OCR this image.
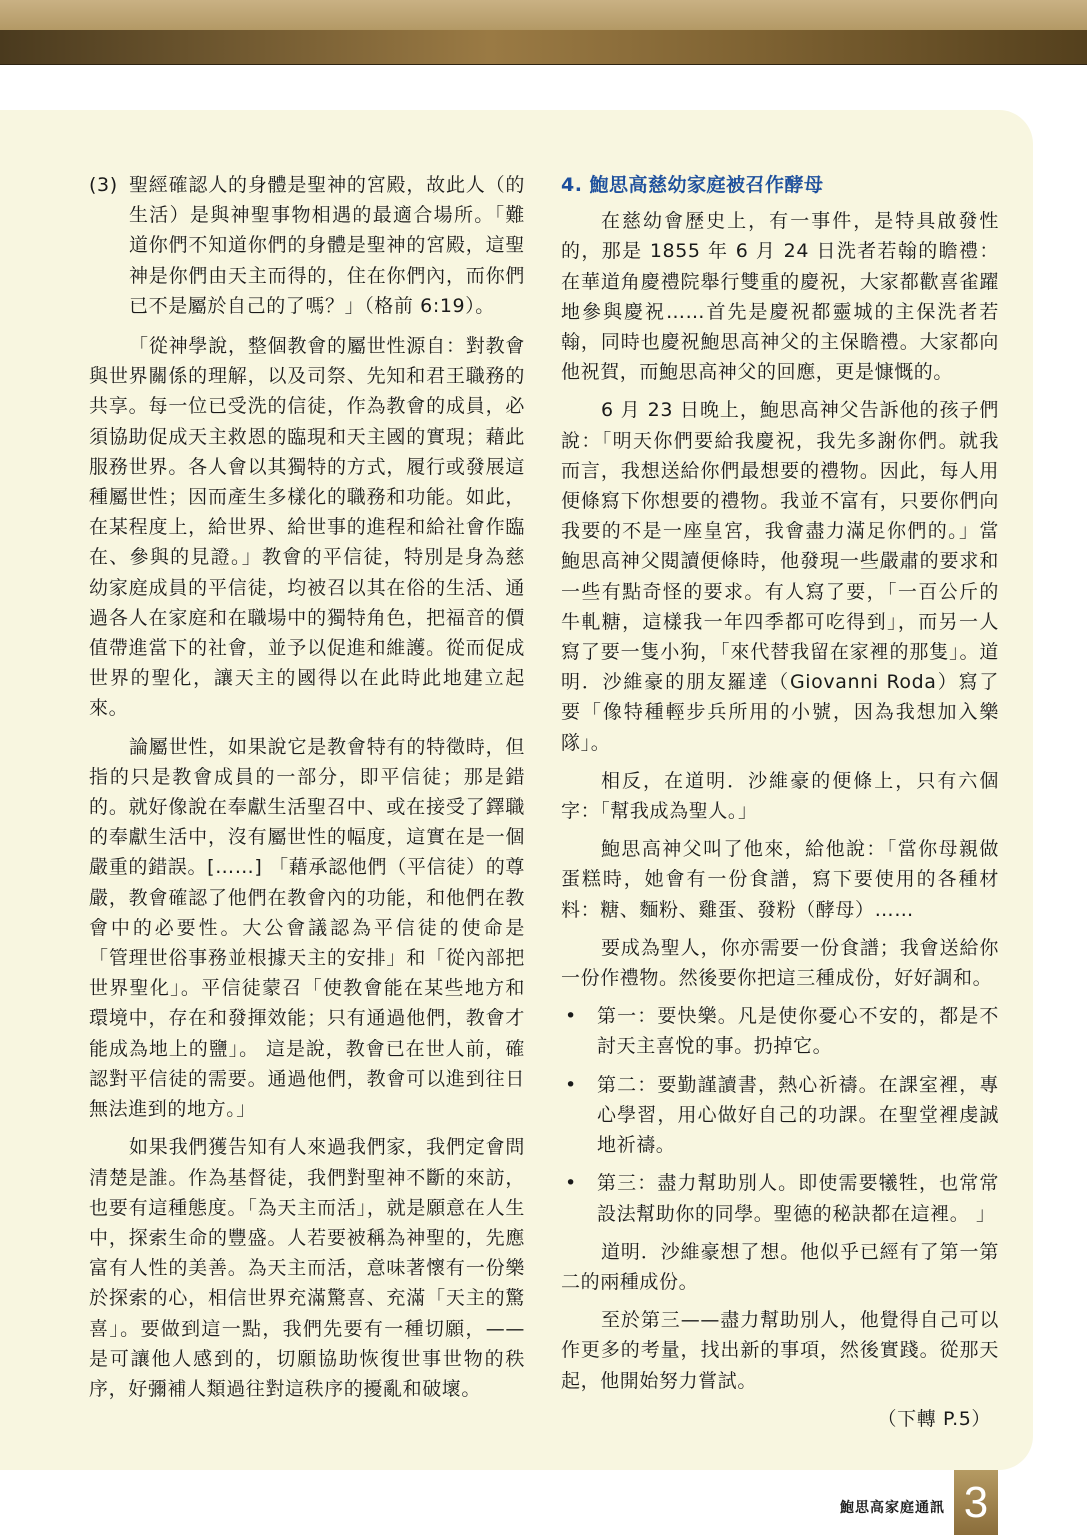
(3) 聖經確認人的身體是聖神的宮殿，故此人（的生活）是與神聖事物相遇的最適合場所。「難道你們不知道你們的身體是聖神的宮殿，這聖神是你們由天主而得的，住在你們內，而你們已不是屬於自己的了嗎？」（格前 6:19）。

「從神學說，整個教會的屬世性源自：對教會與世界關係的理解，以及司祭、先知和君王職務的共享。每一位已受洗的信徒，作為教會的成員，必須協助促成天主救恩的臨現和天主國的實現；藉此服務世界。各人會以其獨特的方式，履行或發展這種屬世性；因而產生多樣化的職務和功能。如此，在某程度上，給世界、給世事的進程和給社會作臨在、參與的見證。」教會的平信徒，特別是身為慈幼家庭成員的平信徒，均被召以其在俗的生活、通過各人在家庭和在職場中的獨特角色，把福音的價值帶進當下的社會，並予以促進和維護。從而促成世界的聖化，讓天主的國得以在此時此地建立起來。

論屬世性，如果說它是教會特有的特徵時，但指的只是教會成員的一部分，即平信徒；那是錯的。就好像說在奉獻生活聖召中、或在接受了鐸職的奉獻生活中，沒有屬世性的幅度，這實在是一個嚴重的錯誤。[……] 「藉承認他們（平信徒）的尊嚴，教會確認了他們在教會內的功能，和他們在教會中的必要性。大公會議認為平信徒的使命是 「管理世俗事務並根據天主的安排」和「從內部把世界聖化」。平信徒蒙召「使教會能在某些地方和環境中，存在和發揮效能；只有通過他們，教會才能成為地上的鹽」。 這是說，教會已在世人前，確認對平信徒的需要。通過他們，教會可以進到往日無法進到的地方。」

如果我們獲告知有人來過我們家，我們定會問清楚是誰。作為基督徒，我們對聖神不斷的來訪，也要有這種態度。「為天主而活」，就是願意在人生中，探索生命的豐盛。人若要被稱為神聖的，先應富有人性的美善。為天主而活，意味著懷有一份樂於探索的心，相信世界充滿驚喜、充滿「天主的驚喜」。要做到這一點，我們先要有一種切願，——是可讓他人感到的，切願協助恢復世事世物的秩序，好彌補人類過往對這秩序的擾亂和破壞。

4. 鮑思高慈幼家庭被召作酵母

在慈幼會歷史上，有一事件，是特具啟發性的，那是 1855 年 6 月 24 日洗者若翰的瞻禮：在華道角慶禮院舉行雙重的慶祝，大家都歡喜雀躍地參與慶祝……首先是慶祝都靈城的主保洗者若翰，同時也慶祝鮑思高神父的主保瞻禮。大家都向他祝賀，而鮑思高神父的回應，更是慷慨的。

6 月 23 日晚上，鮑思高神父告訴他的孩子們說：「明天你們要給我慶祝，我先多謝你們。就我而言，我想送給你們最想要的禮物。因此，每人用便條寫下你想要的禮物。我並不富有，只要你們向我要的不是一座皇宮，我會盡力滿足你們的。」當鮑思高神父閱讀便條時，他發現一些嚴肅的要求和一些有點奇怪的要求。有人寫了要，「一百公斤的牛軋糖，這樣我一年四季都可吃得到」，而另一人寫了要一隻小狗，「來代替我留在家裡的那隻」。道明．沙維豪的朋友羅達（Giovanni Roda）寫了要「像特種輕步兵所用的小號，因為我想加入樂隊」。

相反，在道明．沙維豪的便條上，只有六個字：「幫我成為聖人。」

鮑思高神父叫了他來，給他說：「當你母親做蛋糕時，她會有一份食譜，寫下要使用的各種材料：糖、麵粉、雞蛋、發粉（酵母）……

要成為聖人，你亦需要一份食譜；我會送給你一份作禮物。然後要你把這三種成份，好好調和。

• 第一：要快樂。凡是使你憂心不安的，都是不討天主喜悅的事。扔掉它。
• 第二：要勤謹讀書，熱心祈禱。在課室裡，專心學習，用心做好自己的功課。在聖堂裡虔誠地祈禱。
• 第三：盡力幫助別人。即使需要犧牲，也常常設法幫助你的同學。聖德的秘訣都在這裡。 」

道明．沙維豪想了想。他似乎已經有了第一第二的兩種成份。

至於第三——盡力幫助別人，他覺得自己可以作更多的考量，找出新的事項，然後實踐。從那天起，他開始努力嘗試。

（下轉 P.5）
鮑思高家庭通訊 3
